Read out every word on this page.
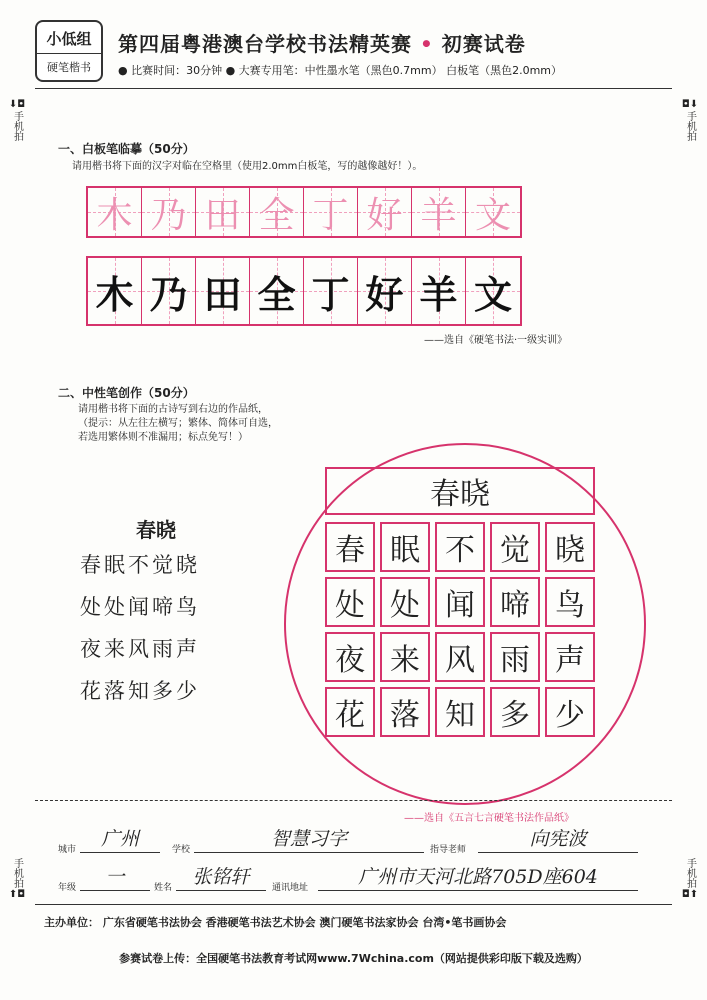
小低组
硬笔楷书
第四届粤港澳台学校书法精英赛 • 初赛试卷
● 比赛时间：30分钟 ● 大赛专用笔：中性墨水笔（黑色0.7mm） 白板笔（黑色2.0mm）
⬇◘
手机拍
◘⬇
手机拍
手机拍
⬆◘
手机拍
◘⬆
一、白板笔临摹（50分）
请用楷书将下面的汉字对临在空格里（使用2.0mm白板笔，写的越像越好！）。
木 乃 田 全 丁 好 羊 文
木 乃 田 全 丁 好 羊 文
——选自《硬笔书法·一级实训》
二、中性笔创作（50分）
请用楷书将下面的古诗写到右边的作品纸，
（提示：从左往左横写；繁体、简体可自选，
若选用繁体则不准漏用；标点免写！）
春晓
春眠不觉晓
处处闻啼鸟
夜来风雨声
花落知多少
春晓
春 眠 不 觉 晓
处 处 闻 啼 鸟
夜 来 风 雨 声
花 落 知 多 少
——选自《五言七言硬笔书法作品纸》
城市	广州	学校	智慧习字	指导老师	向宪波
年级	一	姓名	张铭轩	通讯地址	广州市天河北路705D座604
主办单位： 广东省硬笔书法协会 香港硬笔书法艺术协会 澳门硬笔书法家协会 台湾•笔书画协会
参赛试卷上传：全国硬笔书法教育考试网www.7Wchina.com（网站提供彩印版下载及选购）
